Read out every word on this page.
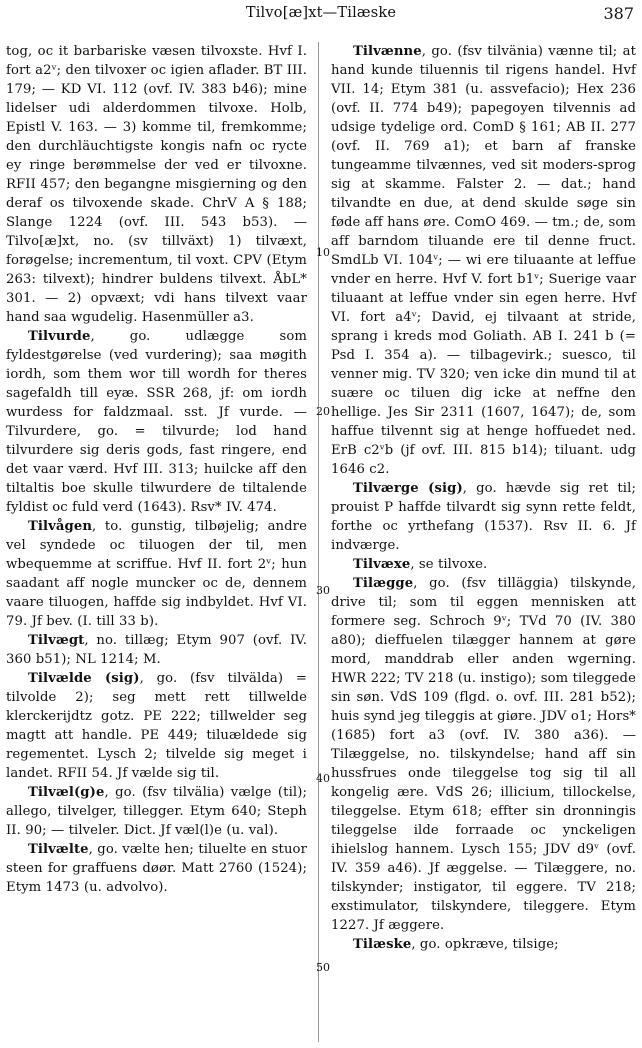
Tilvo[æ]xt—Tilæske	387
10
20
30
40
50

tog, oc it barbariske væsen tilvoxste. Hvf I. fort a2ᵛ; den tilvoxer oc igien aflader. BT III. 179; — KD VI. 112 (ovf. IV. 383 b46); mine lidelser udi alderdommen tilvoxe. Holb, Epistl V. 163. — 3) komme til, fremkomme; den durchläuchtigste kongis nafn oc rycte ey ringe berømmelse der ved er tilvoxne. RFII 457; den begangne misgierning og den deraf os tilvoxende skade. ChrV A § 188; Slange 1224 (ovf. III. 543 b53). — Tilvo[æ]xt, no. (sv tillväxt) 1) tilvæxt, forøgelse; incrementum, til voxt. CPV (Etym 263: tilvext); hindrer buldens tilvext. ÅbL* 301. — 2) opvæxt; vdi hans tilvext vaar hand saa wgudelig. Hasenmüller a3.

Tilvurde, go. udlægge som fyldestgørelse (ved vurdering); saa møgith iordh, som them wor till wordh for theres sagefaldh till eyæ. SSR 268, jf: om iordh wurdess for faldzmaal. sst. Jf vurde. — Tilvurdere, go. = tilvurde; lod hand tilvurdere sig deris gods, fast ringere, end det vaar værd. Hvf III. 313; huilcke aff den tiltaltis boe skulle tilwurdere de tiltalende fyldist oc fuld verd (1643). Rsv* IV. 474.

Tilvågen, to. gunstig, tilbøjelig; andre vel syndede oc tiluogen der til, men wbequemme at scriffue. Hvf II. fort 2ᵛ; hun saadant aff nogle muncker oc de, dennem vaare tiluogen, haffde sig indbyldet. Hvf VI. 79. Jf bev. (I. till 33 b).

Tilvægt, no. tillæg; Etym 907 (ovf. IV. 360 b51); NL 1214; M.

Tilvælde (sig), go. (fsv tilvälda) = tilvolde 2); seg mett rett tillwelde klerckerijdtz gotz. PE 222; tillwelder seg magtt att handle. PE 449; tiluældede sig regementet. Lysch 2; tilvelde sig meget i landet. RFII 54. Jf vælde sig til.

Tilvæl(g)e, go. (fsv tilvälia) vælge (til); allego, tilvelger, tillegger. Etym 640; Steph II. 90; — tilveler. Dict. Jf væl(l)e (u. val).

Tilvælte, go. vælte hen; tiluelte en stuor steen for graffuens døør. Matt 2760 (1524); Etym 1473 (u. advolvo).

Tilvænne, go. (fsv tilvänia) vænne til; at hand kunde tiluennis til rigens handel. Hvf VII. 14; Etym 381 (u. assvefacio); Hex 236 (ovf. II. 774 b49); papegoyen tilvennis ad udsige tydelige ord. ComD § 161; AB II. 277 (ovf. II. 769 a1); et barn af franske tungeamme tilvænnes, ved sit moders-sprog sig at skamme. Falster 2. — dat.; hand tilvandte en due, at dend skulde søge sin føde aff hans øre. ComO 469. — tm.; de, som aff barndom tiluande ere til denne fruct. SmdLb VI. 104ᵛ; — wi ere tiluaante at leffue vnder en herre. Hvf V. fort b1ᵛ; Suerige vaar tiluaant at leffue vnder sin egen herre. Hvf VI. fort a4ᵛ; David, ej tilvaant at stride, sprang i kreds mod Goliath. AB I. 241 b (= Psd I. 354 a). — tilbagevirk.; suesco, til venner mig. TV 320; ven icke din mund til at suære oc tiluen dig icke at neffne den hellige. Jes Sir 2311 (1607, 1647); de, som haffue tilvennt sig at henge hoffuedet ned. ErB c2ᵛb (jf ovf. III. 815 b14); tiluant. udg 1646 c2.

Tilværge (sig), go. hævde sig ret til; prouist P haffde tilvardt sig synn rette feldt, forthe oc yrthefang (1537). Rsv II. 6. Jf indværge.

Tilvæxe, se tilvoxe.

Tilægge, go. (fsv tilläggia) tilskynde, drive til; som til eggen mennisken att formere seg. Schroch 9ᵛ; TVd 70 (IV. 380 a80); dieffuelen tilægger hannem at gøre mord, manddrab eller anden wgerning. HWR 222; TV 218 (u. instigo); som tileggede sin søn. VdS 109 (flgd. o. ovf. III. 281 b52); huis synd jeg tileggis at giøre. JDV o1; Hors* (1685) fort a3 (ovf. IV. 380 a36). — Tilæggelse, no. tilskyndelse; hand aff sin hussfrues onde tileggelse tog sig til all kongelig ære. VdS 26; illicium, tillockelse, tileggelse. Etym 618; effter sin dronningis tileggelse ilde forraade oc ynckeligen ihielslog hannem. Lysch 155; JDV d9ᵛ (ovf. IV. 359 a46). Jf æggelse. — Tilæggere, no. tilskynder; instigator, til eggere. TV 218; exstimulator, tilskyndere, tileggere. Etym 1227. Jf æggere.

Tilæske, go. opkræve, tilsige;
